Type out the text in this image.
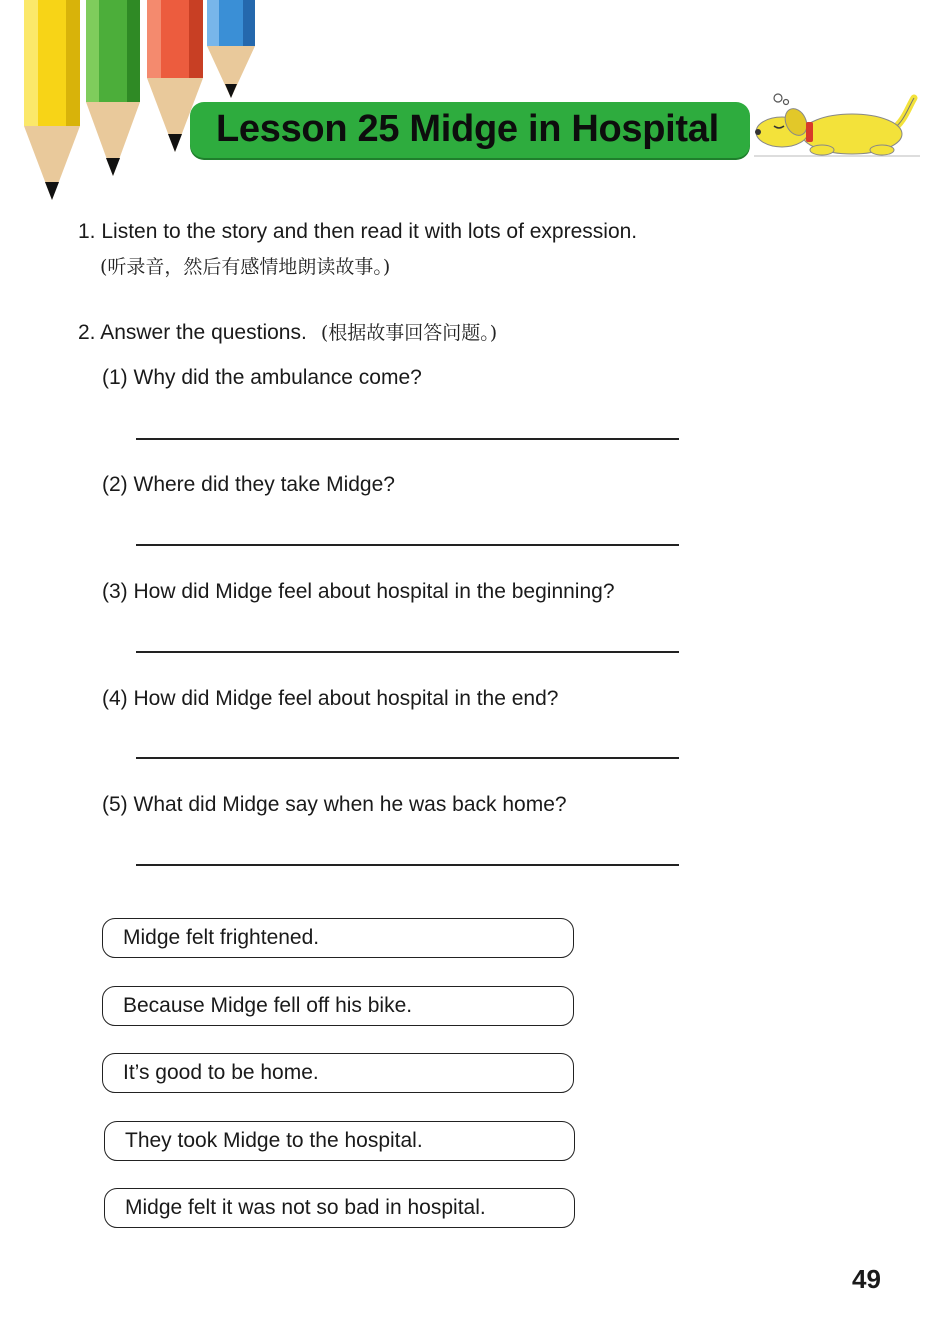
Lesson 25 Midge in Hospital
1. Listen to the story and then read it with lots of expression.
(听录音，然后有感情地朗读故事。)
2. Answer the questions. (根据故事回答问题。)
(1) Why did the ambulance come?
(2) Where did they take Midge?
(3) How did Midge feel about hospital in the beginning?
(4) How did Midge feel about hospital in the end?
(5) What did Midge say when he was back home?
Midge felt frightened.
Because Midge fell off his bike.
It’s good to be home.
They took Midge to the hospital.
Midge felt it was not so bad in hospital.
49
